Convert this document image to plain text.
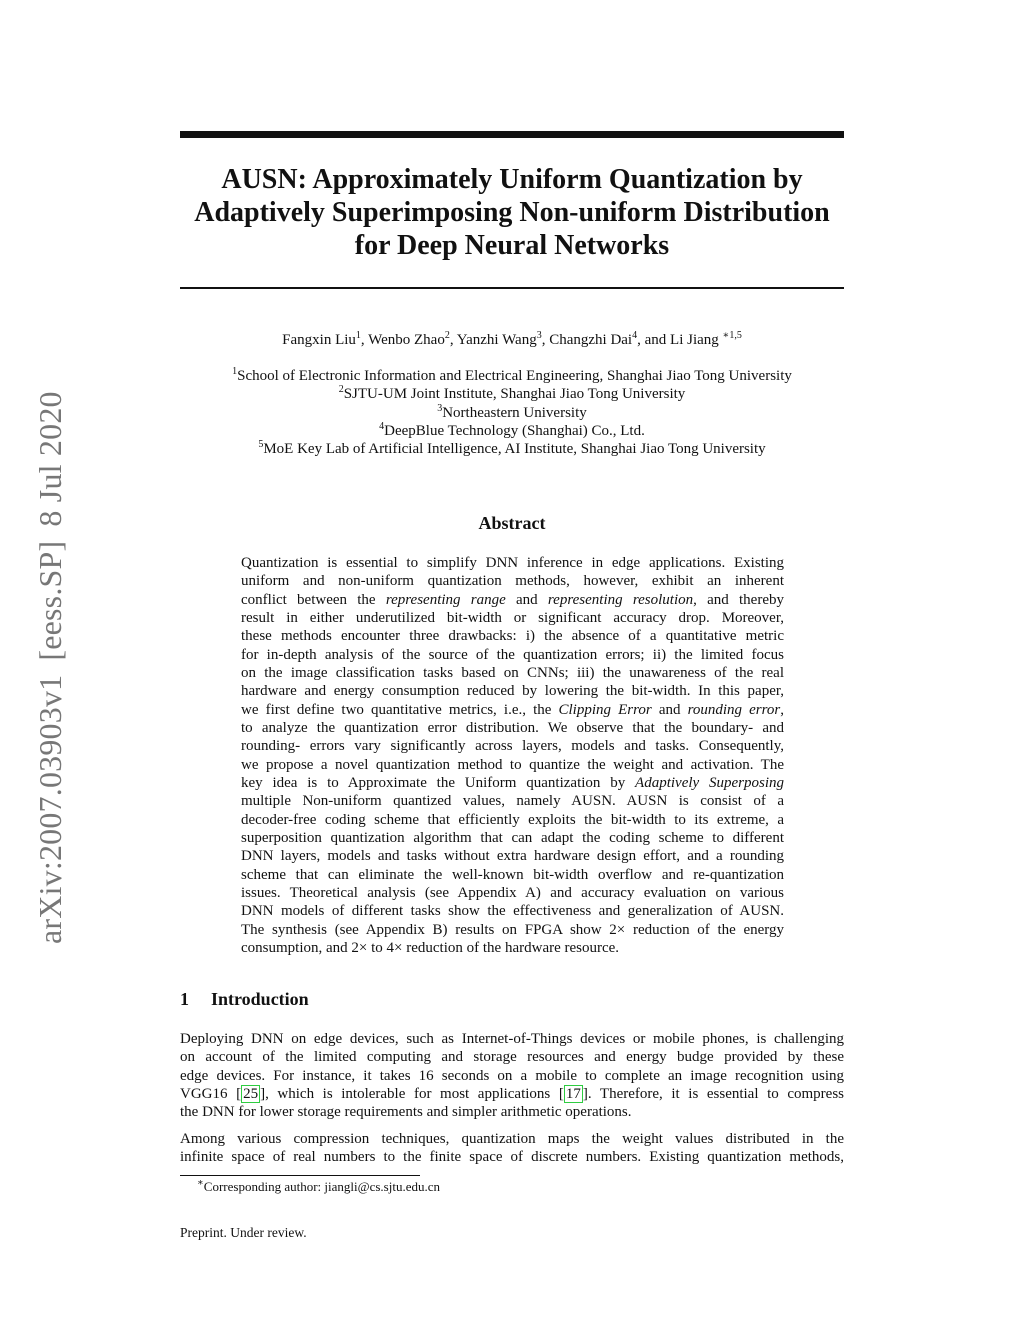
arXiv:2007.03903v1[eess.SP]8 Jul 2020
AUSN: Approximately Uniform Quantization by
Adaptively Superimposing Non-uniform Distribution
for Deep Neural Networks
Fangxin Liu$^1$, Wenbo Zhao$^2$, Yanzhi Wang$^3$, Changzhi Dai$^4$, and Li Jiang $^{∗1,5}$
$^1$School of Electronic Information and Electrical Engineering, Shanghai Jiao Tong University
$^2$SJTU-UM Joint Institute, Shanghai Jiao Tong University
$^3$Northeastern University
$^4$DeepBlue Technology (Shanghai) Co., Ltd.
$^5$MoE Key Lab of Artificial Intelligence, AI Institute, Shanghai Jiao Tong University
Abstract
Quantization is essential to simplify DNN inference in edge applications. Existing
uniform and non-uniform quantization methods, however, exhibit an inherent
conflict between the representing range and representing resolution, and thereby
result in either underutilized bit-width or significant accuracy drop. Moreover,
these methods encounter three drawbacks: i) the absence of a quantitative metric
for in-depth analysis of the source of the quantization errors; ii) the limited focus
on the image classification tasks based on CNNs; iii) the unawareness of the real
hardware and energy consumption reduced by lowering the bit-width. In this paper,
we first define two quantitative metrics, i.e., the Clipping Error and rounding error,
to analyze the quantization error distribution. We observe that the boundary- and
rounding- errors vary significantly across layers, models and tasks. Consequently,
we propose a novel quantization method to quantize the weight and activation. The
key idea is to Approximate the Uniform quantization by Adaptively Superposing
multiple Non-uniform quantized values, namely AUSN. AUSN is consist of a
decoder-free coding scheme that efficiently exploits the bit-width to its extreme, a
superposition quantization algorithm that can adapt the coding scheme to different
DNN layers, models and tasks without extra hardware design effort, and a rounding
scheme that can eliminate the well-known bit-width overflow and re-quantization
issues. Theoretical analysis (see Appendix A) and accuracy evaluation on various
DNN models of different tasks show the effectiveness and generalization of AUSN.
The synthesis (see Appendix B) results on FPGA show 2× reduction of the energy
consumption, and 2× to 4× reduction of the hardware resource.
1 Introduction
Deploying DNN on edge devices, such as Internet-of-Things devices or mobile phones, is challenging
on account of the limited computing and storage resources and energy budge provided by these
edge devices. For instance, it takes 16 seconds on a mobile to complete an image recognition using
VGG16 [ 25 ], which is intolerable for most applications [ 17 ]. Therefore, it is essential to compress
the DNN for lower storage requirements and simpler arithmetic operations.
Among various compression techniques, quantization maps the weight values distributed in the
infinite space of real numbers to the finite space of discrete numbers. Existing quantization methods,
∗Corresponding author: jiangli@cs.sjtu.edu.cn
Preprint. Under review.
